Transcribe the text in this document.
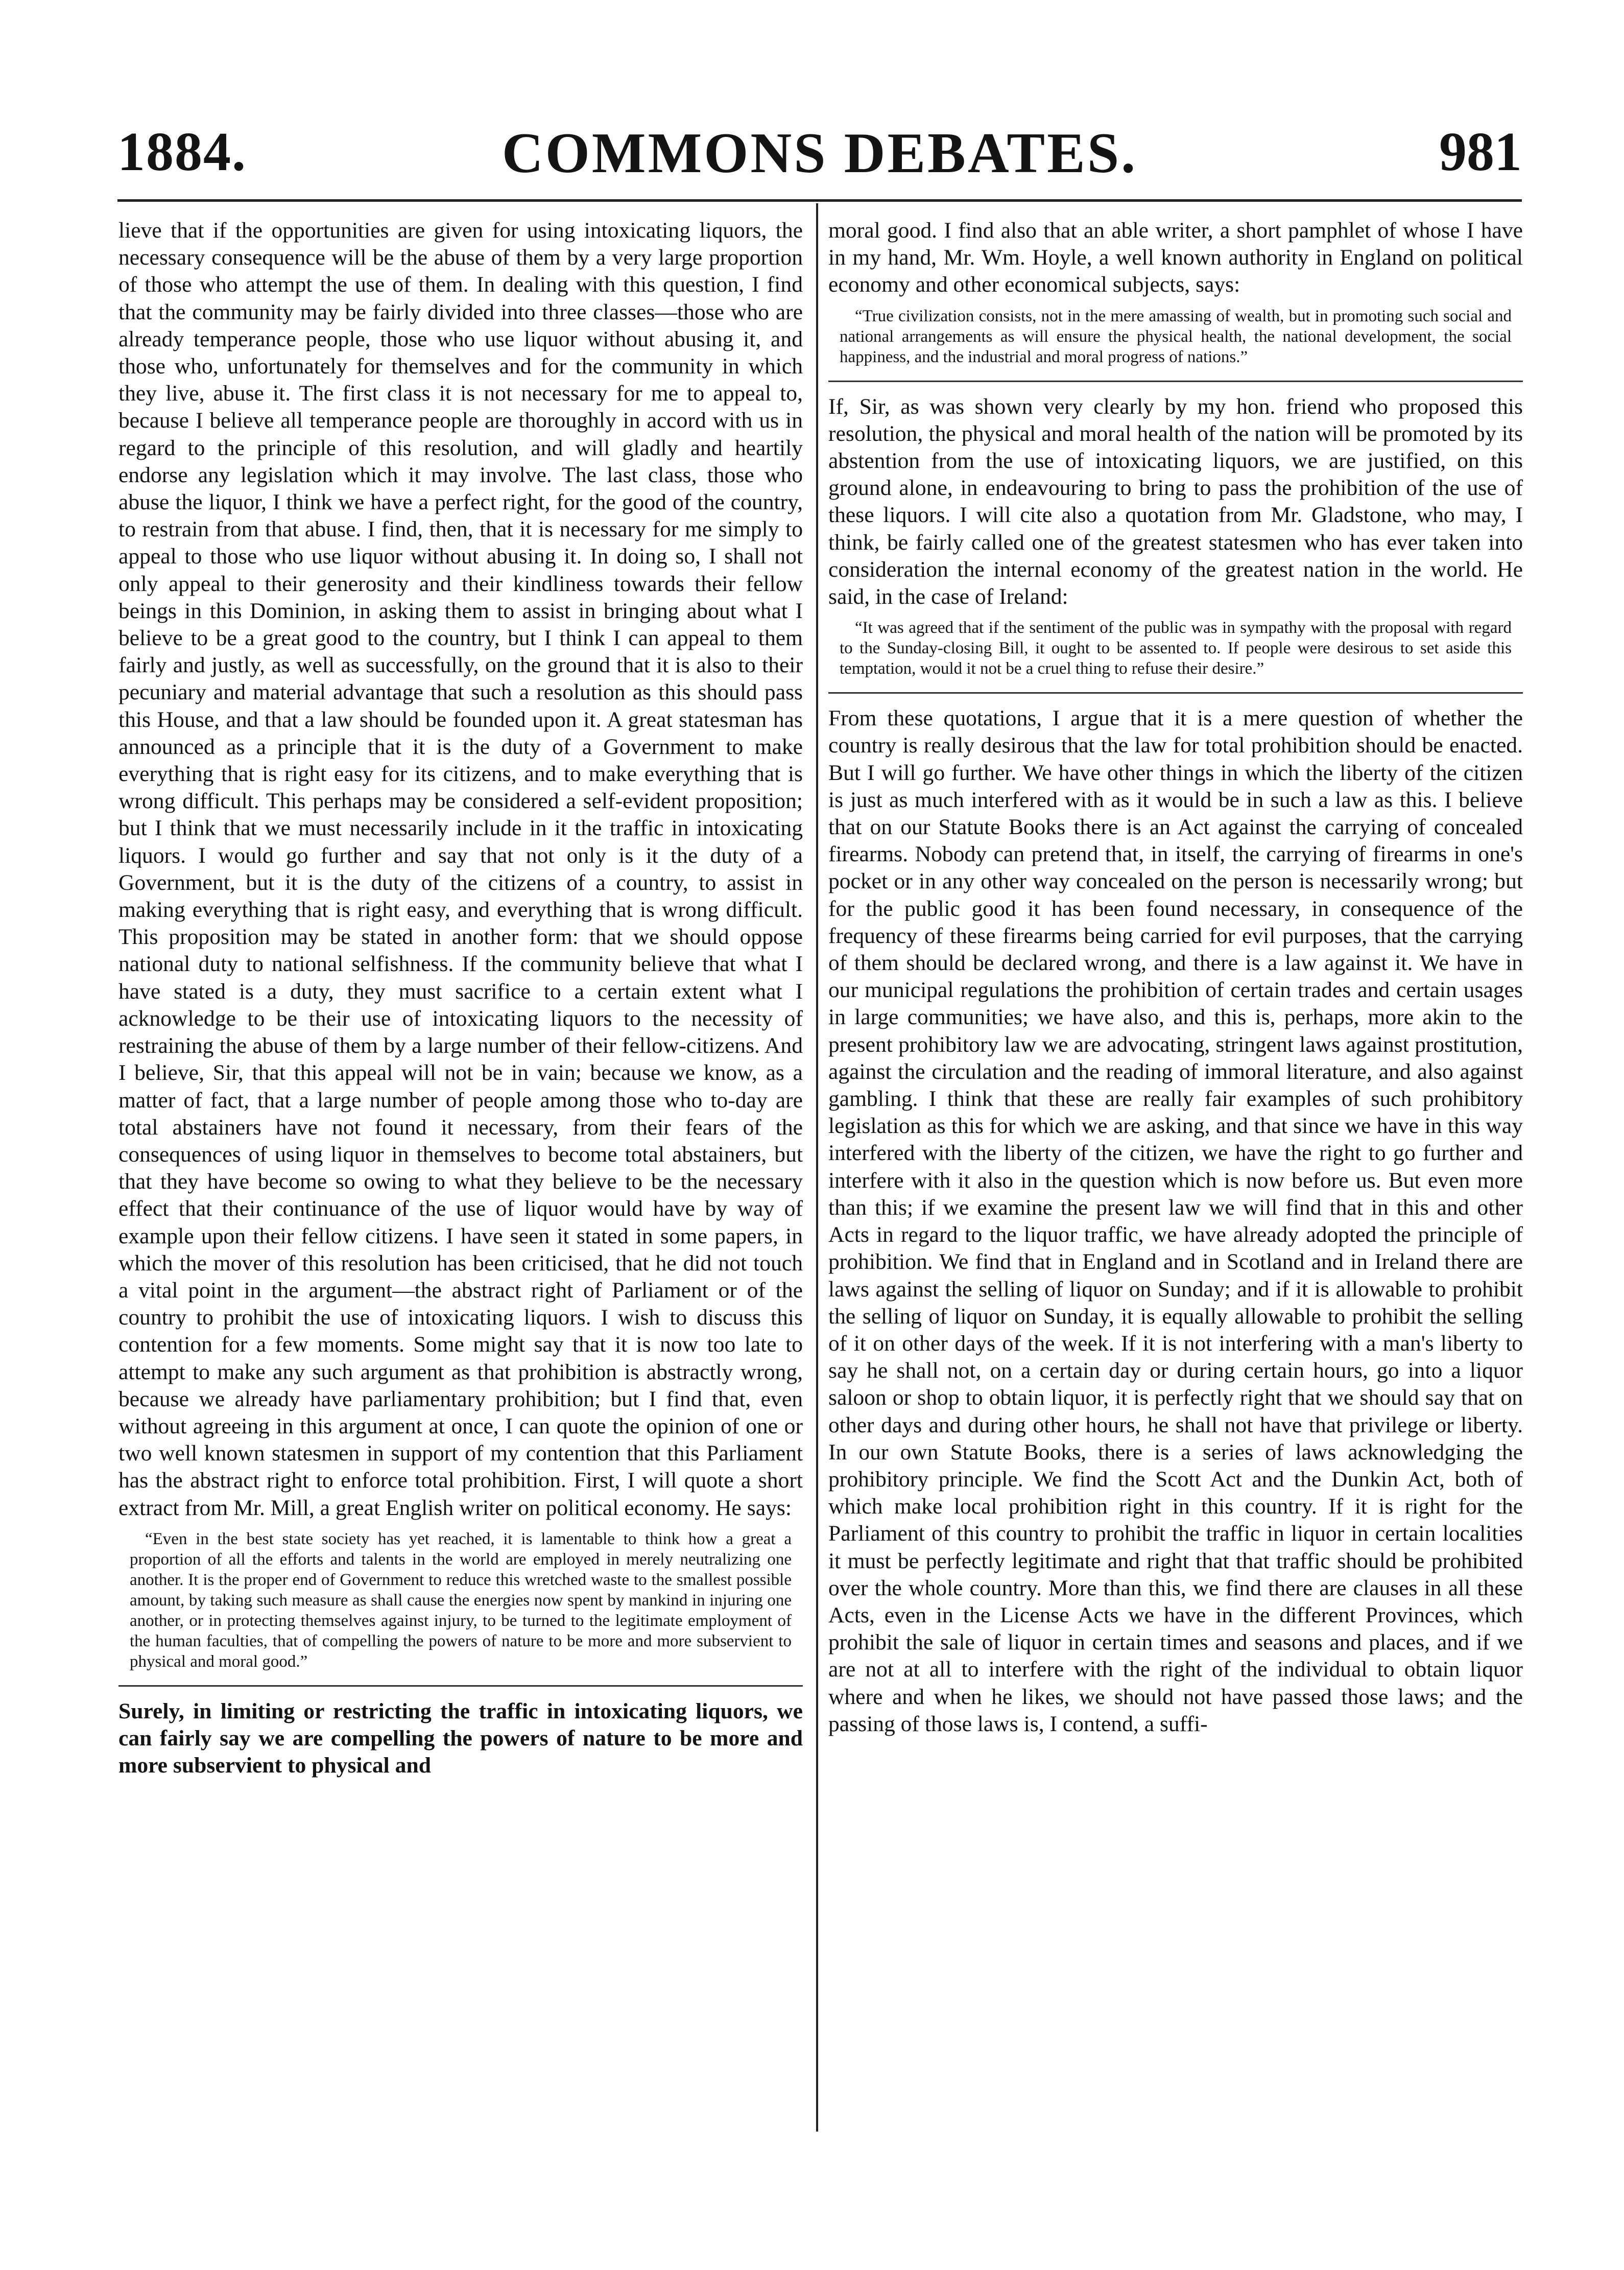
1884.	COMMONS DEBATES.	981

lieve that if the opportunities are given for using intoxicating liquors, the necessary consequence will be the abuse of them by a very large proportion of those who attempt the use of them. In dealing with this question, I find that the community may be fairly divided into three classes—those who are already temperance people, those who use liquor without abusing it, and those who, unfortunately for themselves and for the community in which they live, abuse it. The first class it is not necessary for me to appeal to, because I believe all temperance people are thoroughly in accord with us in regard to the principle of this resolution, and will gladly and heartily endorse any legislation which it may involve. The last class, those who abuse the liquor, I think we have a perfect right, for the good of the country, to restrain from that abuse. I find, then, that it is necessary for me simply to appeal to those who use liquor without abusing it. In doing so, I shall not only appeal to their generosity and their kindliness towards their fellow beings in this Dominion, in asking them to assist in bringing about what I believe to be a great good to the country, but I think I can appeal to them fairly and justly, as well as successfully, on the ground that it is also to their pecuniary and material advantage that such a resolution as this should pass this House, and that a law should be founded upon it. A great statesman has announced as a principle that it is the duty of a Government to make everything that is right easy for its citizens, and to make everything that is wrong difficult. This perhaps may be considered a self-evident proposition; but I think that we must necessarily include in it the traffic in intoxicating liquors. I would go further and say that not only is it the duty of a Government, but it is the duty of the citizens of a country, to assist in making everything that is right easy, and everything that is wrong difficult. This proposition may be stated in another form: that we should oppose national duty to national selfishness. If the community believe that what I have stated is a duty, they must sacrifice to a certain extent what I acknowledge to be their use of intoxicating liquors to the necessity of restraining the abuse of them by a large number of their fellow-citizens. And I believe, Sir, that this appeal will not be in vain; because we know, as a matter of fact, that a large number of people among those who to-day are total abstainers have not found it necessary, from their fears of the consequences of using liquor in themselves to become total abstainers, but that they have become so owing to what they believe to be the necessary effect that their continuance of the use of liquor would have by way of example upon their fellow citizens. I have seen it stated in some papers, in which the mover of this resolution has been criticised, that he did not touch a vital point in the argument—the abstract right of Parliament or of the country to prohibit the use of intoxicating liquors. I wish to discuss this contention for a few moments. Some might say that it is now too late to attempt to make any such argument as that prohibition is abstractly wrong, because we already have parliamentary prohibition; but I find that, even without agreeing in this argument at once, I can quote the opinion of one or two well known statesmen in support of my contention that this Parliament has the abstract right to enforce total prohibition. First, I will quote a short extract from Mr. Mill, a great English writer on political economy. He says:

“Even in the best state society has yet reached, it is lamentable to think how a great a proportion of all the efforts and talents in the world are employed in merely neutralizing one another. It is the proper end of Government to reduce this wretched waste to the smallest possible amount, by taking such measure as shall cause the energies now spent by mankind in injuring one another, or in protecting themselves against injury, to be turned to the legitimate employment of the human faculties, that of compelling the powers of nature to be more and more subservient to physical and moral good.”

Surely, in limiting or restricting the traffic in intoxicating liquors, we can fairly say we are compelling the powers of nature to be more and more subservient to physical and

moral good. I find also that an able writer, a short pamphlet of whose I have in my hand, Mr. Wm. Hoyle, a well known authority in England on political economy and other economical subjects, says:

“True civilization consists, not in the mere amassing of wealth, but in promoting such social and national arrangements as will ensure the physical health, the national development, the social happiness, and the industrial and moral progress of nations.”

If, Sir, as was shown very clearly by my hon. friend who proposed this resolution, the physical and moral health of the nation will be promoted by its abstention from the use of intoxicating liquors, we are justified, on this ground alone, in endeavouring to bring to pass the prohibition of the use of these liquors. I will cite also a quotation from Mr. Gladstone, who may, I think, be fairly called one of the greatest statesmen who has ever taken into consideration the internal economy of the greatest nation in the world. He said, in the case of Ireland:

“It was agreed that if the sentiment of the public was in sympathy with the proposal with regard to the Sunday-closing Bill, it ought to be assented to. If people were desirous to set aside this temptation, would it not be a cruel thing to refuse their desire.”

From these quotations, I argue that it is a mere question of whether the country is really desirous that the law for total prohibition should be enacted. But I will go further. We have other things in which the liberty of the citizen is just as much interfered with as it would be in such a law as this. I believe that on our Statute Books there is an Act against the carrying of concealed firearms. Nobody can pretend that, in itself, the carrying of firearms in one's pocket or in any other way concealed on the person is necessarily wrong; but for the public good it has been found necessary, in consequence of the frequency of these firearms being carried for evil purposes, that the carrying of them should be declared wrong, and there is a law against it. We have in our municipal regulations the prohibition of certain trades and certain usages in large communities; we have also, and this is, perhaps, more akin to the present prohibitory law we are advocating, stringent laws against prostitution, against the circulation and the reading of immoral literature, and also against gambling. I think that these are really fair examples of such prohibitory legislation as this for which we are asking, and that since we have in this way interfered with the liberty of the citizen, we have the right to go further and interfere with it also in the question which is now before us. But even more than this; if we examine the present law we will find that in this and other Acts in regard to the liquor traffic, we have already adopted the principle of prohibition. We find that in England and in Scotland and in Ireland there are laws against the selling of liquor on Sunday; and if it is allowable to prohibit the selling of liquor on Sunday, it is equally allowable to prohibit the selling of it on other days of the week. If it is not interfering with a man's liberty to say he shall not, on a certain day or during certain hours, go into a liquor saloon or shop to obtain liquor, it is perfectly right that we should say that on other days and during other hours, he shall not have that privilege or liberty. In our own Statute Books, there is a series of laws acknowledging the prohibitory principle. We find the Scott Act and the Dunkin Act, both of which make local prohibition right in this country. If it is right for the Parliament of this country to prohibit the traffic in liquor in certain localities it must be perfectly legitimate and right that that traffic should be prohibited over the whole country. More than this, we find there are clauses in all these Acts, even in the License Acts we have in the different Provinces, which prohibit the sale of liquor in certain times and seasons and places, and if we are not at all to interfere with the right of the individual to obtain liquor where and when he likes, we should not have passed those laws; and the passing of those laws is, I contend, a suffi-
